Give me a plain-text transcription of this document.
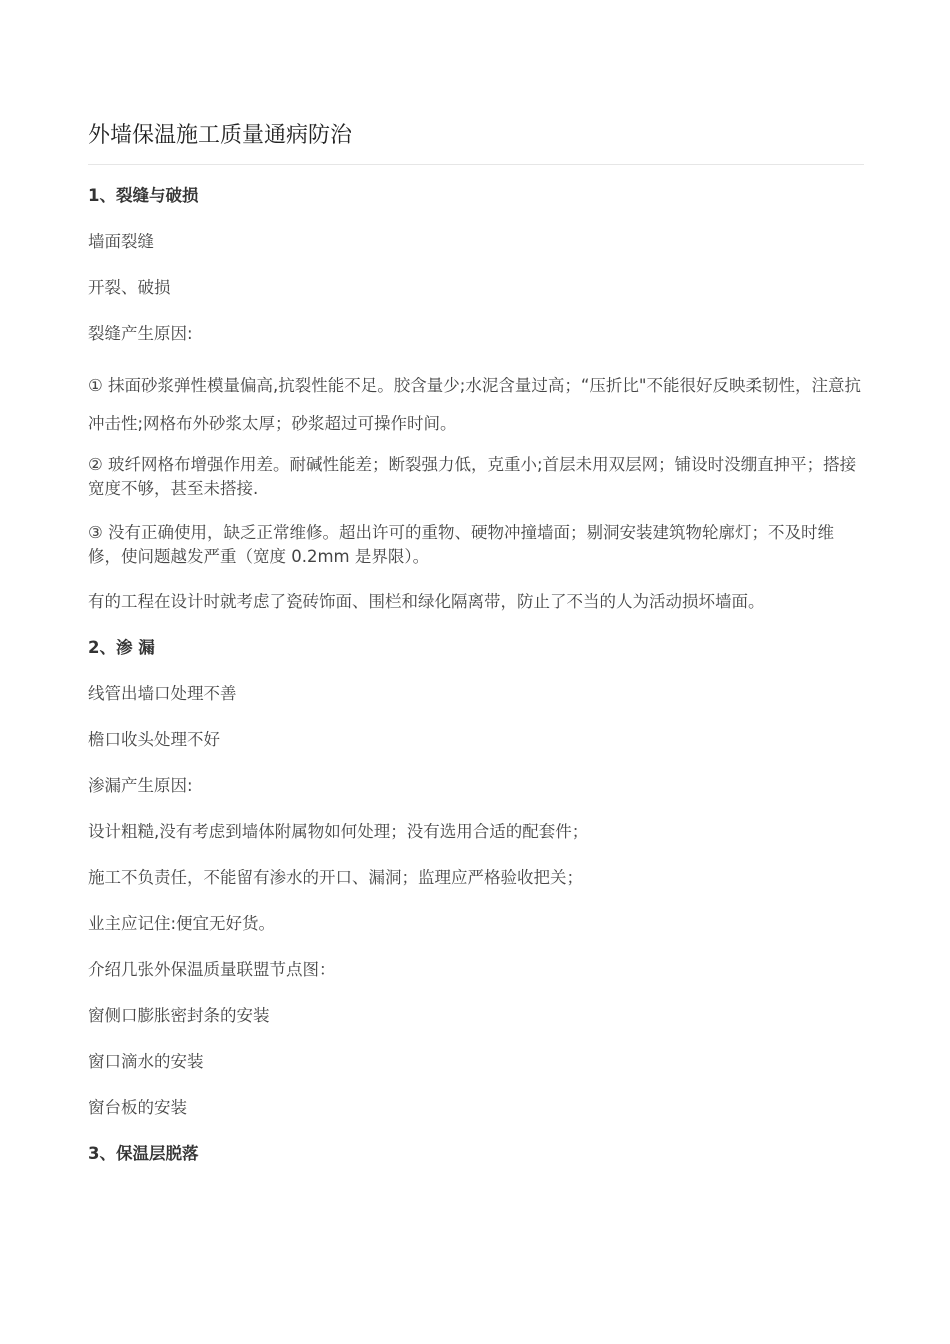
外墙保温施工质量通病防治

1、裂缝与破损

墙面裂缝

开裂、破损

裂缝产生原因:

① 抹面砂浆弹性模量偏高,抗裂性能不足。胶含量少;水泥含量过高；“压折比"不能很好反映柔韧性，注意抗冲击性;网格布外砂浆太厚；砂浆超过可操作时间。

② 玻纤网格布增强作用差。耐碱性能差；断裂强力低，克重小;首层未用双层网；铺设时没绷直抻平；搭接宽度不够，甚至未搭接.

③ 没有正确使用，缺乏正常维修。超出许可的重物、硬物冲撞墙面；剔洞安装建筑物轮廓灯；不及时维修，使问题越发严重（宽度 0.2mm 是界限）。

有的工程在设计时就考虑了瓷砖饰面、围栏和绿化隔离带，防止了不当的人为活动损坏墙面。

2、渗 漏

线管出墙口处理不善

檐口收头处理不好

渗漏产生原因:

设计粗糙,没有考虑到墙体附属物如何处理；没有选用合适的配套件；

施工不负责任，不能留有渗水的开口、漏洞；监理应严格验收把关；

业主应记住:便宜无好货。

介绍几张外保温质量联盟节点图：

窗侧口膨胀密封条的安装

窗口滴水的安装

窗台板的安装

3、保温层脱落
